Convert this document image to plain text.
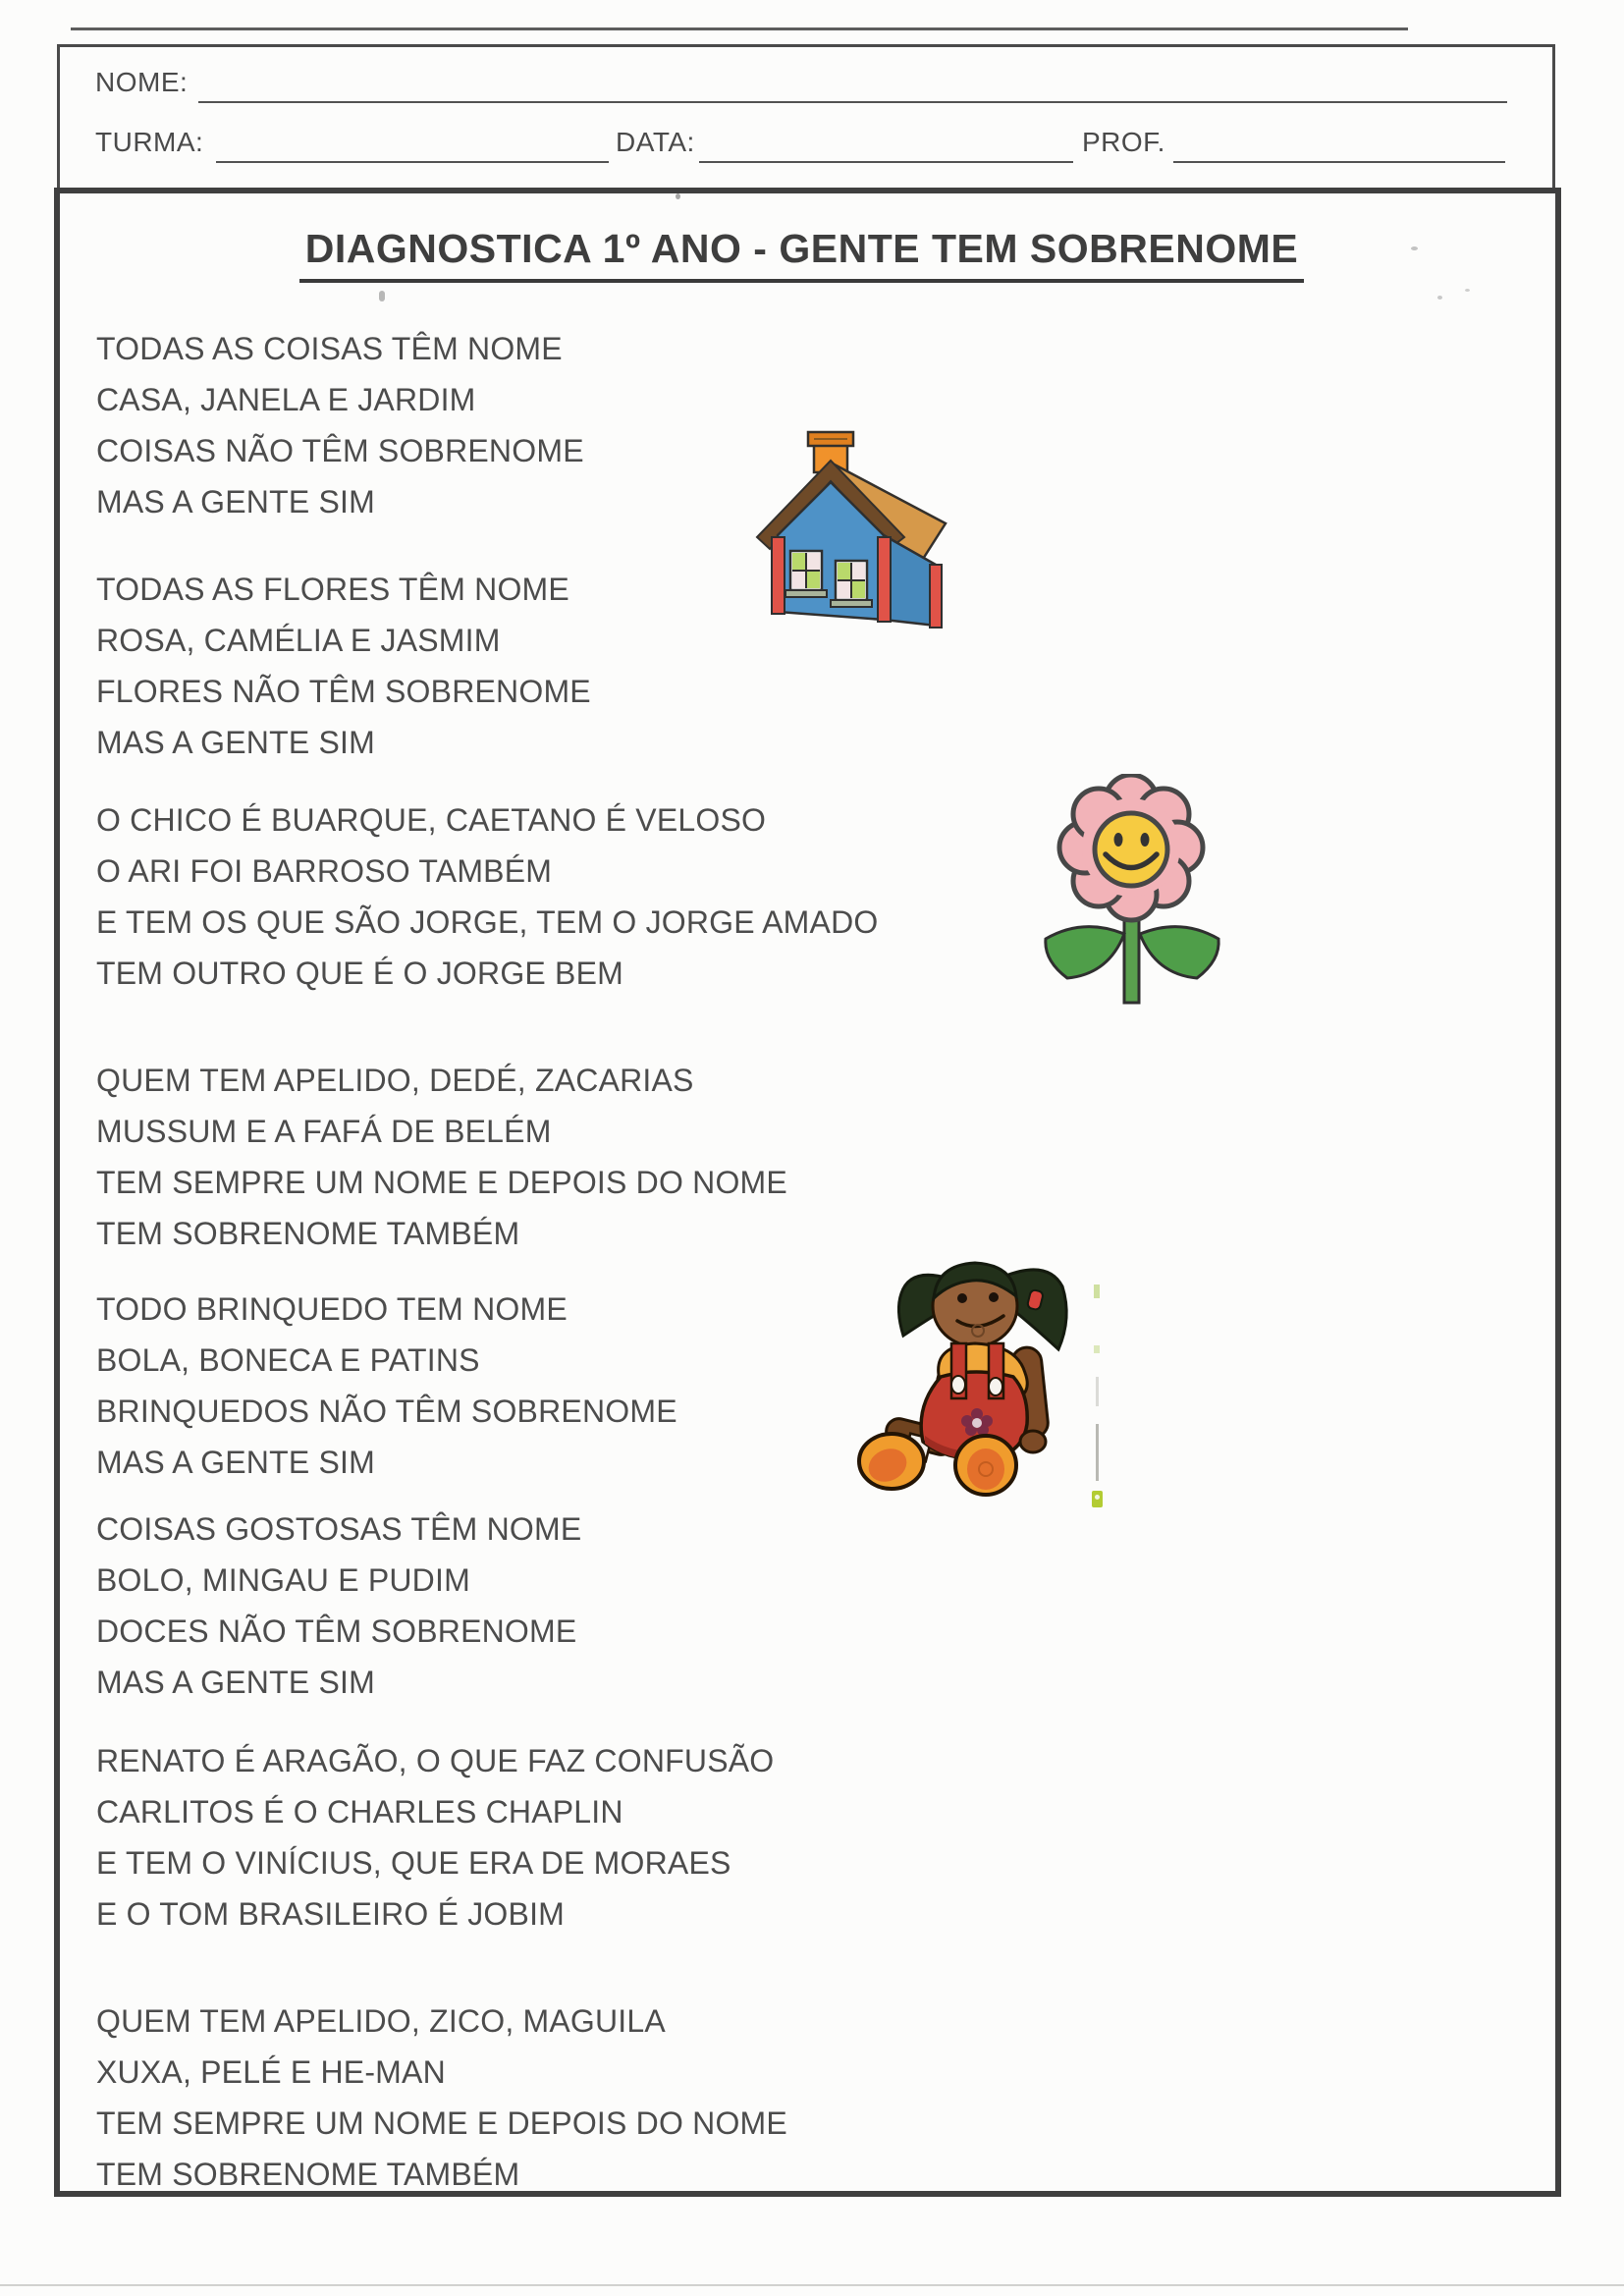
NOME:
TURMA:	DATA:	PROF.
DIAGNOSTICA 1º ANO - GENTE TEM SOBRENOME
TODAS AS COISAS TÊM NOME
CASA, JANELA E JARDIM
COISAS NÃO TÊM SOBRENOME
MAS A GENTE SIM
TODAS AS FLORES TÊM NOME
ROSA, CAMÉLIA E JASMIM
FLORES NÃO TÊM SOBRENOME
MAS A GENTE SIM
O CHICO É BUARQUE, CAETANO É VELOSO
O ARI FOI BARROSO TAMBÉM
E TEM OS QUE SÃO JORGE, TEM O JORGE AMADO
TEM OUTRO QUE É O JORGE BEM
QUEM TEM APELIDO, DEDÉ, ZACARIAS
MUSSUM E A FAFÁ DE BELÉM
TEM SEMPRE UM NOME E DEPOIS DO NOME
TEM SOBRENOME TAMBÉM
TODO BRINQUEDO TEM NOME
BOLA, BONECA E PATINS
BRINQUEDOS NÃO TÊM SOBRENOME
MAS A GENTE SIM
COISAS GOSTOSAS TÊM NOME
BOLO, MINGAU E PUDIM
DOCES NÃO TÊM SOBRENOME
MAS A GENTE SIM
RENATO É ARAGÃO, O QUE FAZ CONFUSÃO
CARLITOS É O CHARLES CHAPLIN
E TEM O VINÍCIUS, QUE ERA DE MORAES
E O TOM BRASILEIRO É JOBIM
QUEM TEM APELIDO, ZICO, MAGUILA
XUXA, PELÉ E HE-MAN
TEM SEMPRE UM NOME E DEPOIS DO NOME
TEM SOBRENOME TAMBÉM
